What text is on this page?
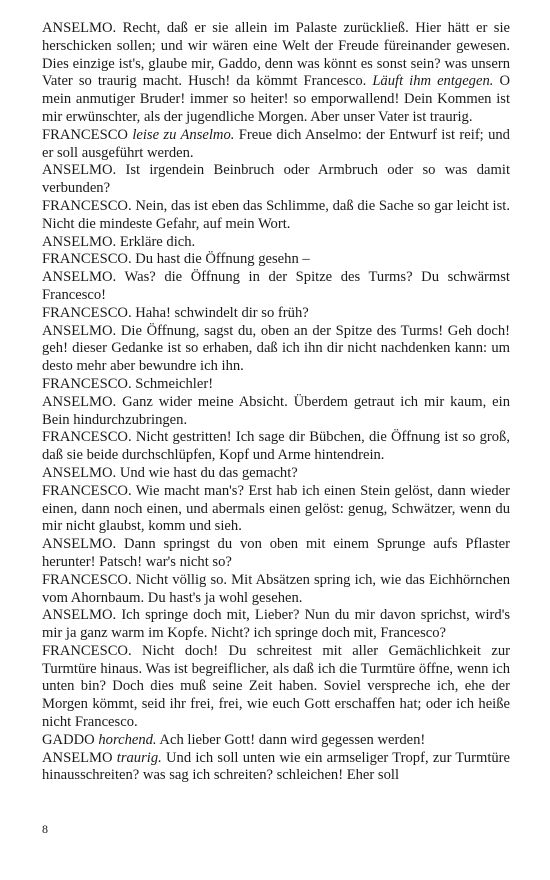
ANSELMO. Recht, daß er sie allein im Palaste zurückließ. Hier hätt er sie herschicken sollen; und wir wären eine Welt der Freude füreinander gewesen. Dies einzige ist's, glaube mir, Gaddo, denn was könnt es sonst sein? was unsern Vater so traurig macht. Husch! da kömmt Francesco. Läuft ihm entgegen. O mein anmutiger Bruder! immer so heiter! so emporwallend! Dein Kommen ist mir erwünschter, als der jugendliche Morgen. Aber unser Vater ist traurig.
FRANCESCO leise zu Anselmo. Freue dich Anselmo: der Entwurf ist reif; und er soll ausgeführt werden.
ANSELMO. Ist irgendein Beinbruch oder Armbruch oder so was damit verbunden?
FRANCESCO. Nein, das ist eben das Schlimme, daß die Sache so gar leicht ist. Nicht die mindeste Gefahr, auf mein Wort.
ANSELMO. Erkläre dich.
FRANCESCO. Du hast die Öffnung gesehn –
ANSELMO. Was? die Öffnung in der Spitze des Turms? Du schwärmst Francesco!
FRANCESCO. Haha! schwindelt dir so früh?
ANSELMO. Die Öffnung, sagst du, oben an der Spitze des Turms! Geh doch! geh! dieser Gedanke ist so erhaben, daß ich ihn dir nicht nachdenken kann: um desto mehr aber bewundre ich ihn.
FRANCESCO. Schmeichler!
ANSELMO. Ganz wider meine Absicht. Überdem getraut ich mir kaum, ein Bein hindurchzubringen.
FRANCESCO. Nicht gestritten! Ich sage dir Bübchen, die Öffnung ist so groß, daß sie beide durchschlüpfen, Kopf und Arme hintendrein.
ANSELMO. Und wie hast du das gemacht?
FRANCESCO. Wie macht man's? Erst hab ich einen Stein gelöst, dann wieder einen, dann noch einen, und abermals einen gelöst: genug, Schwätzer, wenn du mir nicht glaubst, komm und sieh.
ANSELMO. Dann springst du von oben mit einem Sprunge aufs Pflaster herunter! Patsch! war's nicht so?
FRANCESCO. Nicht völlig so. Mit Absätzen spring ich, wie das Eichhörnchen vom Ahornbaum. Du hast's ja wohl gesehen.
ANSELMO. Ich springe doch mit, Lieber? Nun du mir davon sprichst, wird's mir ja ganz warm im Kopfe. Nicht? ich springe doch mit, Francesco?
FRANCESCO. Nicht doch! Du schreitest mit aller Gemächlichkeit zur Turmtüre hinaus. Was ist begreiflicher, als daß ich die Turmtüre öffne, wenn ich unten bin? Doch dies muß seine Zeit haben. Soviel verspreche ich, ehe der Morgen kömmt, seid ihr frei, frei, wie euch Gott erschaffen hat; oder ich heiße nicht Francesco.
GADDO horchend. Ach lieber Gott! dann wird gegessen werden!
ANSELMO traurig. Und ich soll unten wie ein armseliger Tropf, zur Turmtüre hinausschreiten? was sag ich schreiten? schleichen! Eher soll
8
